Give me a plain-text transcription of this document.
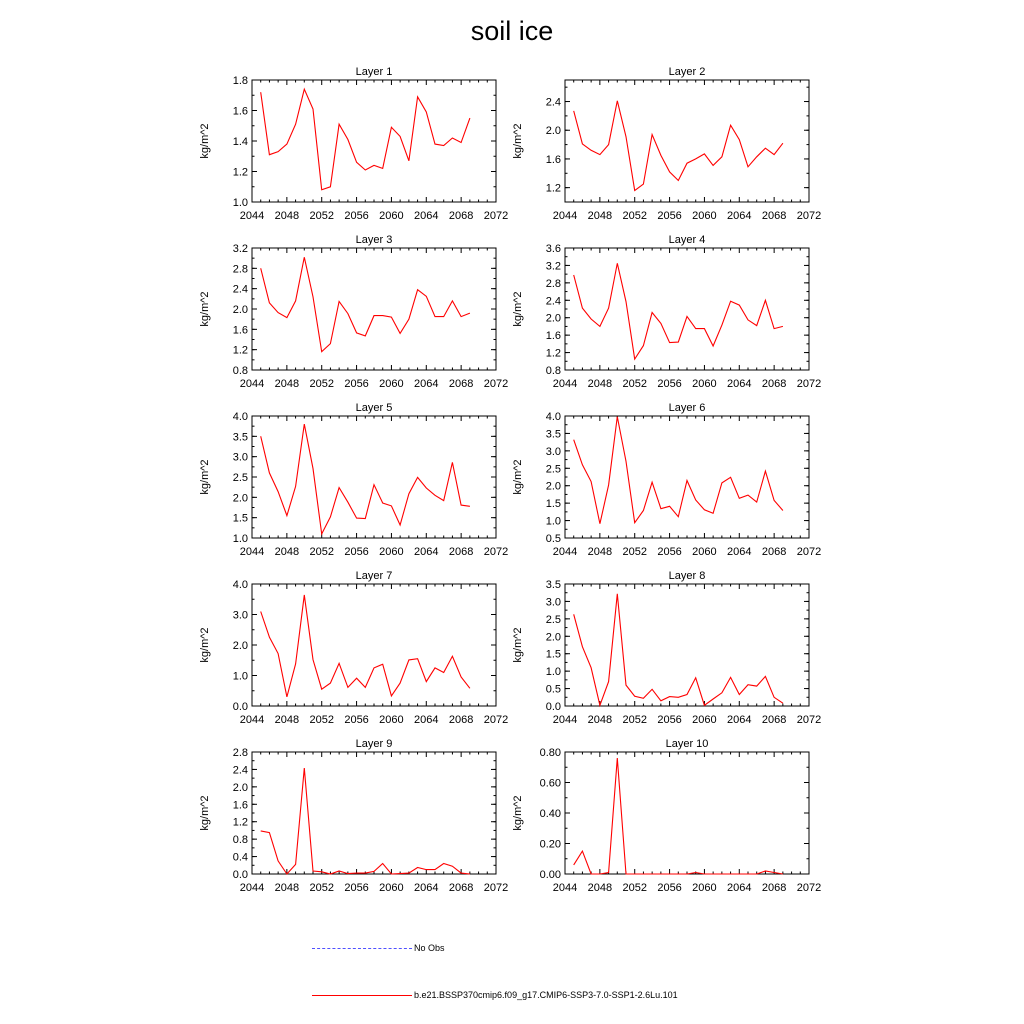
soil ice
Layer 1
kg/m^2
2044 2048 2052 2056 2060 2064 2068 2072
1.0
1.2
1.4
1.6
1.8
Layer 2
kg/m^2
2044 2048 2052 2056 2060 2064 2068 2072
1.2
1.6
2.0
2.4
Layer 3
kg/m^2
2044 2048 2052 2056 2060 2064 2068 2072
0.8
1.2
1.6
2.0
2.4
2.8
3.2
Layer 4
kg/m^2
2044 2048 2052 2056 2060 2064 2068 2072
0.8
1.2
1.6
2.0
2.4
2.8
3.2
3.6
Layer 5
kg/m^2
2044 2048 2052 2056 2060 2064 2068 2072
1.0
1.5
2.0
2.5
3.0
3.5
4.0
Layer 6
kg/m^2
2044 2048 2052 2056 2060 2064 2068 2072
0.5
1.0
1.5
2.0
2.5
3.0
3.5
4.0
Layer 7
kg/m^2
2044 2048 2052 2056 2060 2064 2068 2072
0.0
1.0
2.0
3.0
4.0
Layer 8
kg/m^2
2044 2048 2052 2056 2060 2064 2068 2072
0.0
0.5
1.0
1.5
2.0
2.5
3.0
3.5
Layer 9
kg/m^2
2044 2048 2052 2056 2060 2064 2068 2072
0.0
0.4
0.8
1.2
1.6
2.0
2.4
2.8
Layer 10
kg/m^2
2044 2048 2052 2056 2060 2064 2068 2072
0.00
0.20
0.40
0.60
0.80
No Obs
b.e21.BSSP370cmip6.f09_g17.CMIP6-SSP3-7.0-SSP1-2.6Lu.101
